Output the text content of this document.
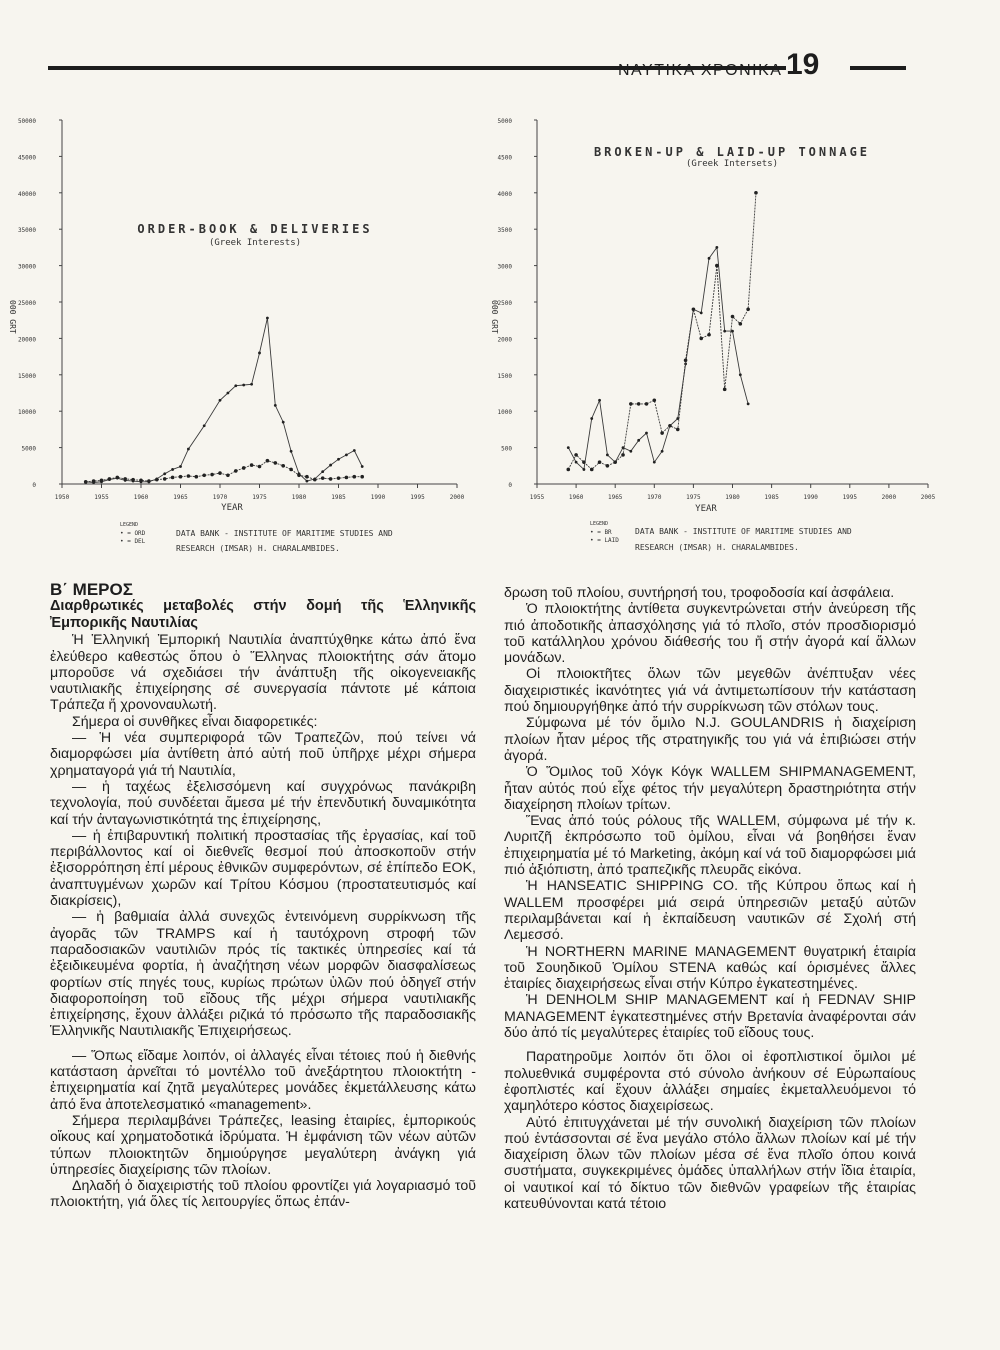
ΝΑΥΤΙΚΑ ΧΡΟΝΙΚΑ 19
ORDER-BOOK & DELIVERIES
(Greek Interests)
000 GRT
YEAR
LEGEND
• = ORD
• = DEL
DATA BANK - INSTITUTE OF MARITIME STUDIES AND
RESEARCH (IMSAR) H. CHARALAMBIDES.
0
5000
10000
15000
20000
25000
30000
35000
40000
45000
50000
1950	1955	1960	1965	1970	1975	1980	1985	1990	1995	2000
BROKEN-UP & LAID-UP TONNAGE
(Greek Intersets)
000 GRT
YEAR
LEGEND
• = BR
• = LAID
DATA BANK - INSTITUTE OF MARITIME STUDIES AND
RESEARCH (IMSAR) H. CHARALAMBIDES.
0
500
1000
1500
2000
2500
3000
3500
4000
4500
5000
1955	1960	1965	1970	1975	1980	1985	1990	1995	2000	2005

Β΄ ΜΕΡΟΣ

Διαρθρωτικές μεταβολές στήν δομή τῆς Ἑλληνικῆς Ἐμπορικῆς Ναυτιλίας

Ἡ Ἑλληνική Ἐμπορική Ναυτιλία ἀναπτύχθηκε κάτω ἀπό ἕνα ἐλεύθερο καθεστώς ὅπου ὁ Ἕλληνας πλοιοκτήτης σάν ἄτομο μποροῦσε νά σχεδιάσει τήν ἀνάπτυξη τῆς οἰκογενειακῆς ναυτιλιακῆς ἐπιχείρησης σέ συνεργασία πάντοτε μέ κάποια Τράπεζα ἤ χρονοναυλωτή.

Σήμερα οἱ συνθῆκες εἶναι διαφορετικές:

— Ἡ νέα συμπεριφορά τῶν Τραπεζῶν, πού τείνει νά διαμορφώσει μία ἀντίθετη ἀπό αὐτή ποῦ ὑπῆρχε μέχρι σήμερα χρηματαγορά γιά τή Ναυτιλία,

— ἡ ταχέως ἐξελισσόμενη καί συγχρόνως πανάκριβη τεχνολογία, πού συνδέεται ἄμεσα μέ τήν ἐπενδυτική δυναμικότητα καί τήν ἀνταγωνιστικότητά της ἐπιχείρησης,

— ἡ ἐπιβαρυντική πολιτική προστασίας τῆς ἐργασίας, καί τοῦ περιβάλλοντος καί οἱ διεθνεῖς θεσμοί πού ἀποσκοποῦν στήν ἐξισορρόπηση ἐπί μέρους ἐθνικῶν συμφερόντων, σέ ἐπίπεδο ΕΟΚ, ἀναπτυγμένων χωρῶν καί Τρίτου Κόσμου (προστατευτισμός καί διακρίσεις),

— ἡ βαθμιαία ἀλλά συνεχῶς ἐντεινόμενη συρρίκνωση τῆς ἀγορᾶς τῶν TRAMPS καί ἡ ταυτόχρονη στροφή τῶν παραδοσιακῶν ναυτιλιῶν πρός τίς τακτικές ὑπηρεσίες καί τά ἐξειδικευμένα φορτία, ἡ ἀναζήτηση νέων μορφῶν διασφαλίσεως φορτίων στίς πηγές τους, κυρίως πρώτων ὑλῶν πού ὁδηγεῖ στήν διαφοροποίηση τοῦ εἴδους τῆς μέχρι σήμερα ναυτιλιακῆς ἐπιχείρησης, ἔχουν ἀλλάξει ριζικά τό πρόσωπο τῆς παραδοσιακῆς Ἑλληνικῆς Ναυτιλιακῆς Ἐπιχειρήσεως.

— Ὅπως εἴδαμε λοιπόν, οἱ ἀλλαγές εἶναι τέτοιες πού ἡ διεθνής κατάσταση ἀρνεῖται τό μοντέλλο τοῦ ἀνεξάρτητου πλοιοκτήτη - ἐπιχειρηματία καί ζητᾶ μεγαλύτερες μονάδες ἐκμετάλλευσης κάτω ἀπό ἕνα ἀποτελεσματικό «management».

Σήμερα περιλαμβάνει Τράπεζες, leasing ἑταιρίες, ἐμπορικούς οἴκους καί χρηματοδοτικά ἱδρύματα. Ἡ ἐμφάνιση τῶν νέων αὐτῶν τύπων πλοιοκτητῶν δημιούργησε μεγαλύτερη ἀνάγκη γιά ὑπηρεσίες διαχείρισης τῶν πλοίων.

Δηλαδή ὁ διαχειριστής τοῦ πλοίου φροντίζει γιά λογαριασμό τοῦ πλοιοκτήτη, γιά ὅλες τίς λειτουργίες ὅπως ἐπάν-

δρωση τοῦ πλοίου, συντήρησή του, τροφοδοσία καί ἀσφάλεια.

Ὁ πλοιοκτήτης ἀντίθετα συγκεντρώνεται στήν ἀνεύρεση τῆς πιό ἀποδοτικῆς ἀπασχόλησης γιά τό πλοῖο, στόν προσδιορισμό τοῦ κατάλληλου χρόνου διάθεσής του ἤ στήν ἀγορά καί ἄλλων μονάδων.

Οἱ πλοιοκτῆτες ὅλων τῶν μεγεθῶν ἀνέπτυξαν νέες διαχειριστικές ἱκανότητες γιά νά ἀντιμετωπίσουν τήν κατάσταση πού δημιουργήθηκε ἀπό τήν συρρίκνωση τῶν στόλων τους.

Σύμφωνα μέ τόν ὅμιλο N.J. GOULANDRIS ἡ διαχείριση πλοίων ἦταν μέρος τῆς στρατηγικῆς του γιά νά ἐπιβιώσει στήν ἀγορά.

Ὁ Ὅμιλος τοῦ Χόγκ Κόγκ WALLEM SHIPMANAGEMENT, ἦταν αὐτός πού εἶχε φέτος τήν μεγαλύτερη δραστηριότητα στήν διαχείρηση πλοίων τρίτων.

Ἕνας ἀπό τούς ρόλους τῆς WALLEM, σύμφωνα μέ τήν κ. Λυριτζῆ ἐκπρόσωπο τοῦ ὁμίλου, εἶναι νά βοηθήσει ἕναν ἐπιχειρηματία μέ τό Marketing, ἀκόμη καί νά τοῦ διαμορφώσει μιά πιό ἀξιόπιστη, ἀπό τραπεζικῆς πλευρᾶς εἰκόνα.

Ἡ HANSEATIC SHIPPING CO. τῆς Κύπρου ὅπως καί ἡ WALLEM προσφέρει μιά σειρά ὑπηρεσιῶν μεταξύ αὐτῶν περιλαμβάνεται καί ἡ ἐκπαίδευση ναυτικῶν σέ Σχολή στή Λεμεσσό.

Ἡ NORTHERN MARINE MANAGEMENT θυγατρική ἑταιρία τοῦ Σουηδικοῦ Ὁμίλου STENA καθώς καί ὁρισμένες ἄλλες ἑταιρίες διαχειρήσεως εἶναι στήν Κύπρο ἐγκατεστημένες.

Ἡ DENHOLM SHIP MANAGEMENT καί ἡ FEDNAV SHIP MANAGEMENT ἐγκατεστημένες στήν Βρετανία ἀναφέρονται σάν δύο ἀπό τίς μεγαλύτερες ἑταιρίες τοῦ εἴδους τους.

Παρατηροῦμε λοιπόν ὅτι ὅλοι οἱ ἐφοπλιστικοί ὅμιλοι μέ πολυεθνικά συμφέροντα στό σύνολο ἀνήκουν σέ Εὐρωπαίους ἐφοπλιστές καί ἔχουν ἀλλάξει σημαίες ἐκμεταλλευόμενοι τό χαμηλότερο κόστος διαχειρίσεως.

Αὐτό ἐπιτυγχάνεται μέ τήν συνολική διαχείριση τῶν πλοίων πού ἐντάσσονται σέ ἕνα μεγάλο στόλο ἄλλων πλοίων καί μέ τήν διαχείριση ὅλων τῶν πλοίων μέσα σέ ἕνα πλοῖο όπου κοινά συστήματα, συγκεκριμένες ὁμάδες ὑπαλλήλων στήν ἴδια ἑταιρία, οἱ ναυτικοί καί τό δίκτυο τῶν διεθνῶν γραφείων τῆς ἑταιρίας κατευθύνονται κατά τέτοιο
